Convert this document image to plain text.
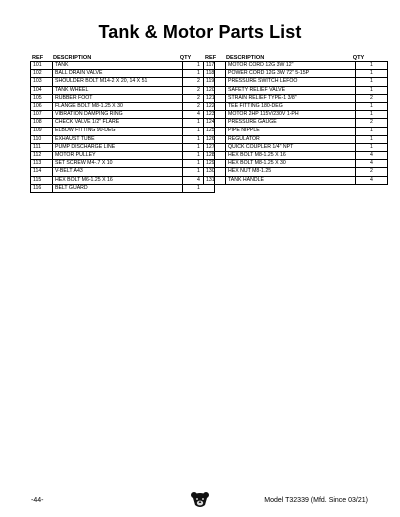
Tank & Motor Parts List
REF	DESCRIPTION	QTY
101	TANK	1
102	BALL DRAIN VALVE	1
103	SHOULDER BOLT M14-2 X 20, 14 X 51	2
104	TANK WHEEL	2
105	RUBBER FOOT	2
106	FLANGE BOLT M8-1.25 X 30	2
107	VIBRATION DAMPING RING	4
108	CHECK VALVE 1/2" FLARE	1
109	ELBOW FITTING 90-DEG	1
110	EXHAUST TUBE	1
111	PUMP DISCHARGE LINE	1
112	MOTOR PULLEY	1
113	SET SCREW M4-.7 X 10	1
114	V-BELT A43	1
115	HEX BOLT M6-1.25 X 16	4
116	BELT GUARD	1
REF	DESCRIPTION	QTY
117	MOTOR CORD 12G 3W 12"	1
118	POWER CORD 12G 3W 72" 5-15P	1
119	PRESSURE SWITCH LEFOO	1
120	SAFETY RELIEF VALVE	1
121	STRAIN RELIEF TYPE-1 3/8"	2
122	TEE FITTING 180-DEG	1
123	MOTOR 2HP 115V/230V 1-PH	1
124	PRESSURE GAUGE	2
125	PIPE NIPPLE	1
126	REGULATOR	1
127	QUICK COUPLER 1/4" NPT	1
128	HEX BOLT M8-1.25 X 16	4
129	HEX BOLT M8-1.25 X 30	4
130	HEX NUT M8-1.25	2
131	TANK HANDLE	4
-44-	Model T32339 (Mfd. Since 03/21)
